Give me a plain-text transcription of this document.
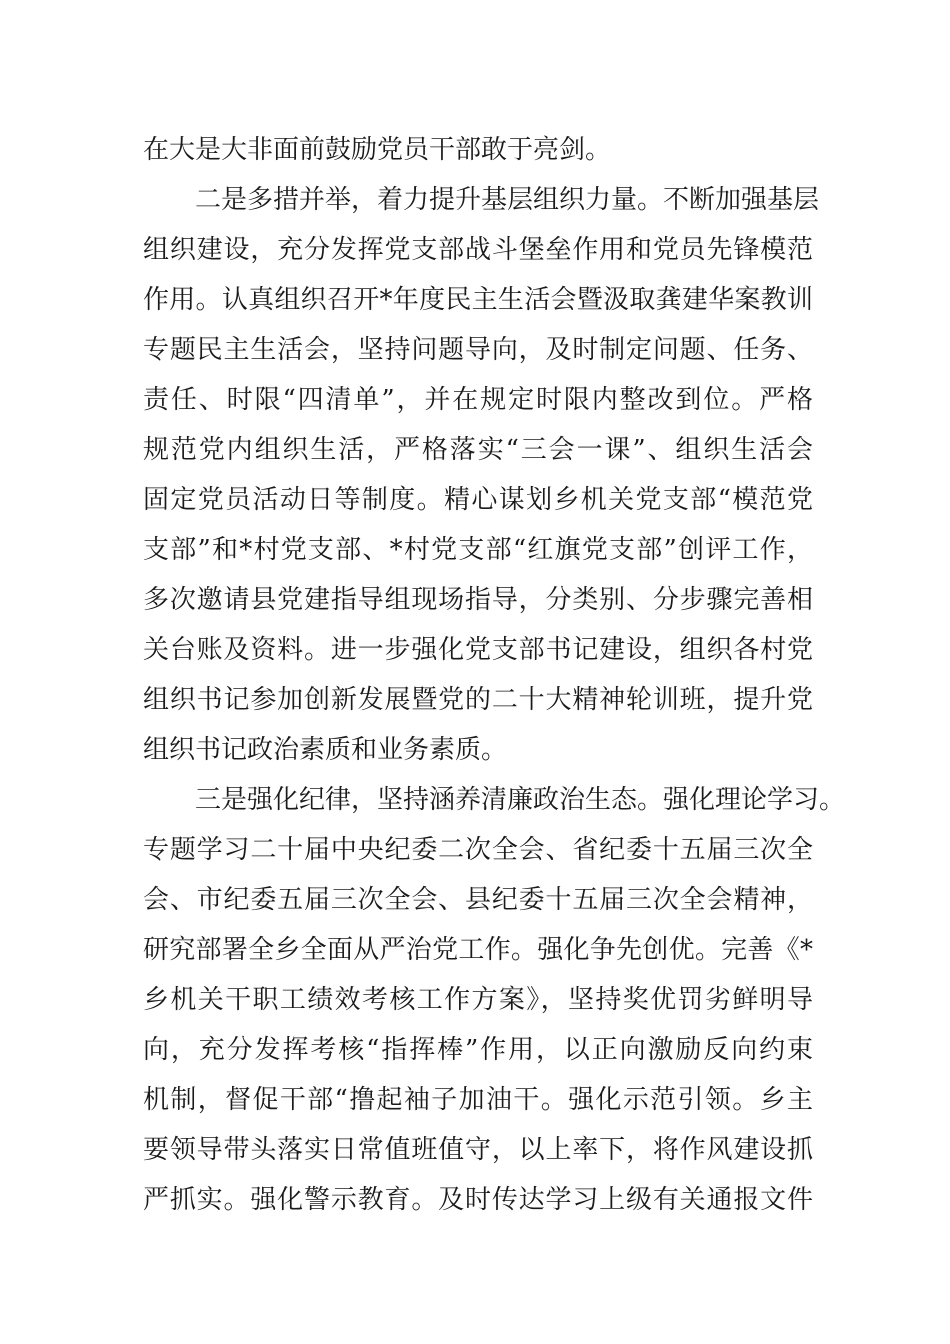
在大是大非面前鼓励党员干部敢于亮剑。
二是多措并举，着力提升基层组织力量。不断加强基层
组织建设，充分发挥党支部战斗堡垒作用和党员先锋模范
作用。认真组织召开*年度民主生活会暨汲取龚建华案教训
专题民主生活会，坚持问题导向，及时制定问题、任务、
责任、时限“四清单”，并在规定时限内整改到位。严格
规范党内组织生活，严格落实“三会一课”、组织生活会
固定党员活动日等制度。精心谋划乡机关党支部“模范党
支部”和*村党支部、*村党支部“红旗党支部”创评工作，
多次邀请县党建指导组现场指导，分类别、分步骤完善相
关台账及资料。进一步强化党支部书记建设，组织各村党
组织书记参加创新发展暨党的二十大精神轮训班，提升党
组织书记政治素质和业务素质。
三是强化纪律，坚持涵养清廉政治生态。强化理论学习。
专题学习二十届中央纪委二次全会、省纪委十五届三次全
会、市纪委五届三次全会、县纪委十五届三次全会精神，
研究部署全乡全面从严治党工作。强化争先创优。完善《*
乡机关干职工绩效考核工作方案》，坚持奖优罚劣鲜明导
向，充分发挥考核“指挥棒”作用，以正向激励反向约束
机制，督促干部“撸起袖子加油干。强化示范引领。乡主
要领导带头落实日常值班值守，以上率下，将作风建设抓
严抓实。强化警示教育。及时传达学习上级有关通报文件
